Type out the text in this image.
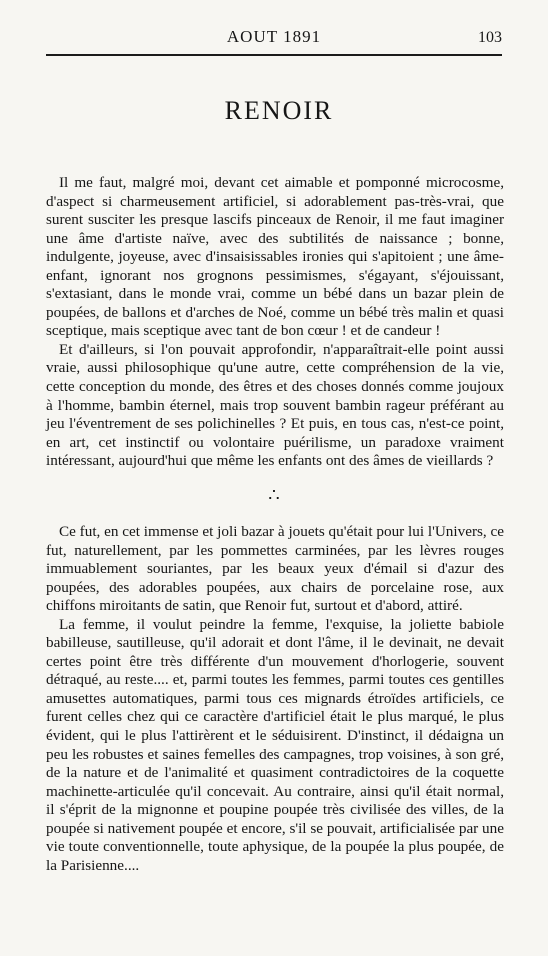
AOUT 1891	103
RENOIR

Il me faut, malgré moi, devant cet aimable et pomponné microcosme, d'aspect si charmeusement artificiel, si adorablement pas-très-vrai, que surent susciter les presque lascifs pinceaux de Renoir, il me faut imaginer une âme d'artiste naïve, avec des subtilités de naissance ; bonne, indulgente, joyeuse, avec d'insaisissables ironies qui s'apitoient ; une âme-enfant, ignorant nos grognons pessimismes, s'égayant, s'éjouissant, s'extasiant, dans le monde vrai, comme un bébé dans un bazar plein de poupées, de ballons et d'arches de Noé, comme un bébé très malin et quasi sceptique, mais sceptique avec tant de bon cœur ! et de candeur !

Et d'ailleurs, si l'on pouvait approfondir, n'apparaîtrait-elle point aussi vraie, aussi philosophique qu'une autre, cette compréhension de la vie, cette conception du monde, des êtres et des choses donnés comme joujoux à l'homme, bambin éternel, mais trop souvent bambin rageur préférant au jeu l'éventrement de ses polichinelles ? Et puis, en tous cas, n'est-ce point, en art, cet instinctif ou volontaire puérilisme, un paradoxe vraiment intéressant, aujourd'hui que même les enfants ont des âmes de vieillards ?

∴

Ce fut, en cet immense et joli bazar à jouets qu'était pour lui l'Univers, ce fut, naturellement, par les pommettes carminées, par les lèvres rouges immuablement souriantes, par les beaux yeux d'émail si d'azur des poupées, des adorables poupées, aux chairs de porcelaine rose, aux chiffons miroitants de satin, que Renoir fut, surtout et d'abord, attiré.

La femme, il voulut peindre la femme, l'exquise, la joliette babiole babilleuse, sautilleuse, qu'il adorait et dont l'âme, il le devinait, ne devait certes point être très différente d'un mouvement d'horlogerie, souvent détraqué, au reste.... et, parmi toutes les femmes, parmi toutes ces gentilles amusettes automatiques, parmi tous ces mignards étroïdes artificiels, ce furent celles chez qui ce caractère d'artificiel était le plus marqué, le plus évident, qui le plus l'attirèrent et le séduisirent. D'instinct, il dédaigna un peu les robustes et saines femelles des campagnes, trop voisines, à son gré, de la nature et de l'animalité et quasiment contradictoires de la coquette machinette-articulée qu'il concevait. Au contraire, ainsi qu'il était normal, il s'éprit de la mignonne et poupine poupée très civilisée des villes, de la poupée si nativement poupée et encore, s'il se pouvait, artificialisée par une vie toute conventionnelle, toute aphysique, de la poupée la plus poupée, de la Parisienne....
